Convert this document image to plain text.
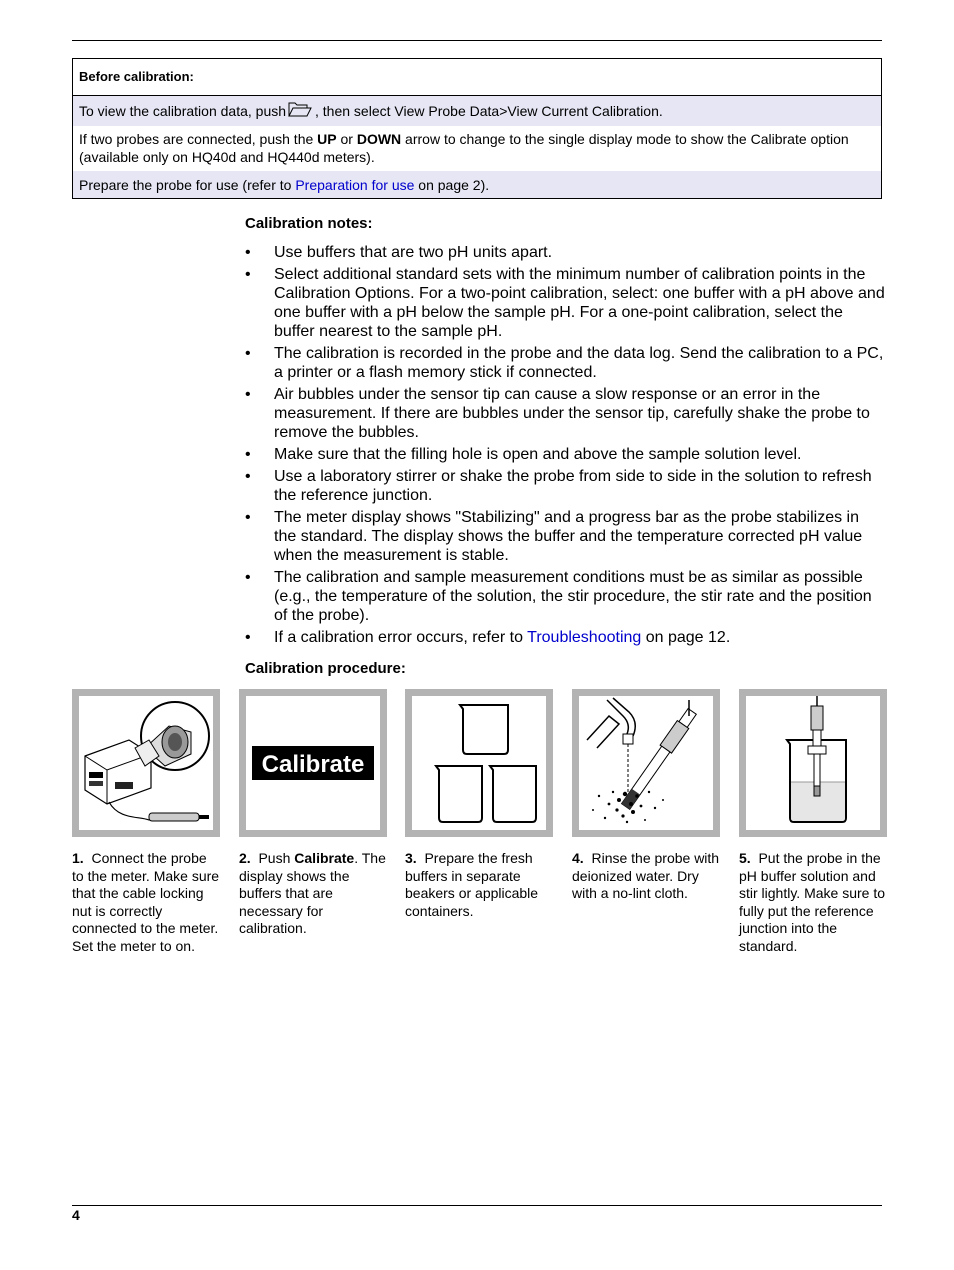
Before calibration:
To view the calibration data, push , then select View Probe Data>View Current Calibration.
If two probes are connected, push the UP or DOWN arrow to change to the single display mode to show the Calibrate option (available only on HQ40d and HQ440d meters).
Prepare the probe for use (refer to Preparation for use on page 2).
Calibration notes:
• Use buffers that are two pH units apart.
• Select additional standard sets with the minimum number of calibration points in the Calibration Options. For a two-point calibration, select: one buffer with a pH above and one buffer with a pH below the sample pH. For a one-point calibration, select the buffer nearest to the sample pH.
• The calibration is recorded in the probe and the data log. Send the calibration to a PC, a printer or a flash memory stick if connected.
• Air bubbles under the sensor tip can cause a slow response or an error in the measurement. If there are bubbles under the sensor tip, carefully shake the probe to remove the bubbles.
• Make sure that the filling hole is open and above the sample solution level.
• Use a laboratory stirrer or shake the probe from side to side in the solution to refresh the reference junction.
• The meter display shows "Stabilizing" and a progress bar as the probe stabilizes in the standard. The display shows the buffer and the temperature corrected pH value when the measurement is stable.
• The calibration and sample measurement conditions must be as similar as possible (e.g., the temperature of the solution, the stir procedure, the stir rate and the position of the probe).
• If a calibration error occurs, refer to Troubleshooting on page 12.
Calibration procedure:
Calibrate
1. Connect the probe to the meter. Make sure that the cable locking nut is correctly connected to the meter. Set the meter to on.
2. Push Calibrate. The display shows the buffers that are necessary for calibration.
3. Prepare the fresh buffers in separate beakers or applicable containers.
4. Rinse the probe with deionized water. Dry with a no-lint cloth.
5. Put the probe in the pH buffer solution and stir lightly. Make sure to fully put the reference junction into the standard.
4
